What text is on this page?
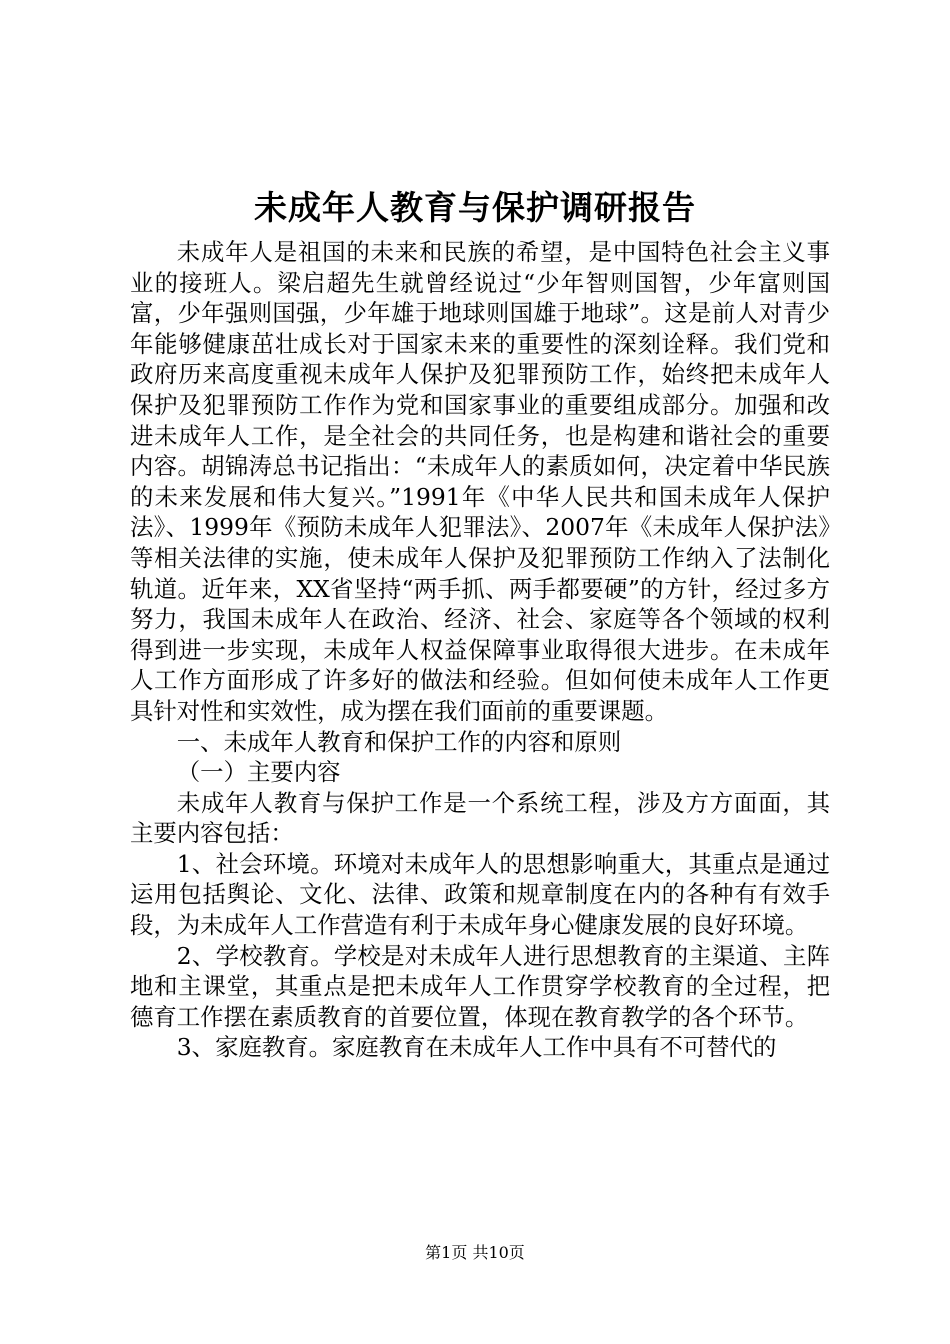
未成年人教育与保护调研报告

未成年人是祖国的未来和民族的希望，是中国特色社会主义事业的接班人。梁启超先生就曾经说过“少年智则国智，少年富则国富，少年强则国强，少年雄于地球则国雄于地球”。这是前人对青少年能够健康茁壮成长对于国家未来的重要性的深刻诠释。我们党和政府历来高度重视未成年人保护及犯罪预防工作，始终把未成年人保护及犯罪预防工作作为党和国家事业的重要组成部分。加强和改进未成年人工作，是全社会的共同任务，也是构建和谐社会的重要内容。胡锦涛总书记指出：“未成年人的素质如何，决定着中华民族的未来发展和伟大复兴。”1991年《中华人民共和国未成年人保护法》、1999年《预防未成年人犯罪法》、2007年《未成年人保护法》等相关法律的实施，使未成年人保护及犯罪预防工作纳入了法制化轨道。近年来，XX省坚持“两手抓、两手都要硬”的方针，经过多方努力，我国未成年人在政治、经济、社会、家庭等各个领域的权利得到进一步实现，未成年人权益保障事业取得很大进步。在未成年人工作方面形成了许多好的做法和经验。但如何使未成年人工作更具针对性和实效性，成为摆在我们面前的重要课题。

一、未成年人教育和保护工作的内容和原则

（一）主要内容

未成年人教育与保护工作是一个系统工程，涉及方方面面，其主要内容包括：

1、社会环境。环境对未成年人的思想影响重大，其重点是通过运用包括舆论、文化、法律、政策和规章制度在内的各种有有效手段，为未成年人工作营造有利于未成年身心健康发展的良好环境。

2、学校教育。学校是对未成年人进行思想教育的主渠道、主阵地和主课堂，其重点是把未成年人工作贯穿学校教育的全过程，把德育工作摆在素质教育的首要位置，体现在教育教学的各个环节。

3、家庭教育。家庭教育在未成年人工作中具有不可替代的

第1页 共10页
